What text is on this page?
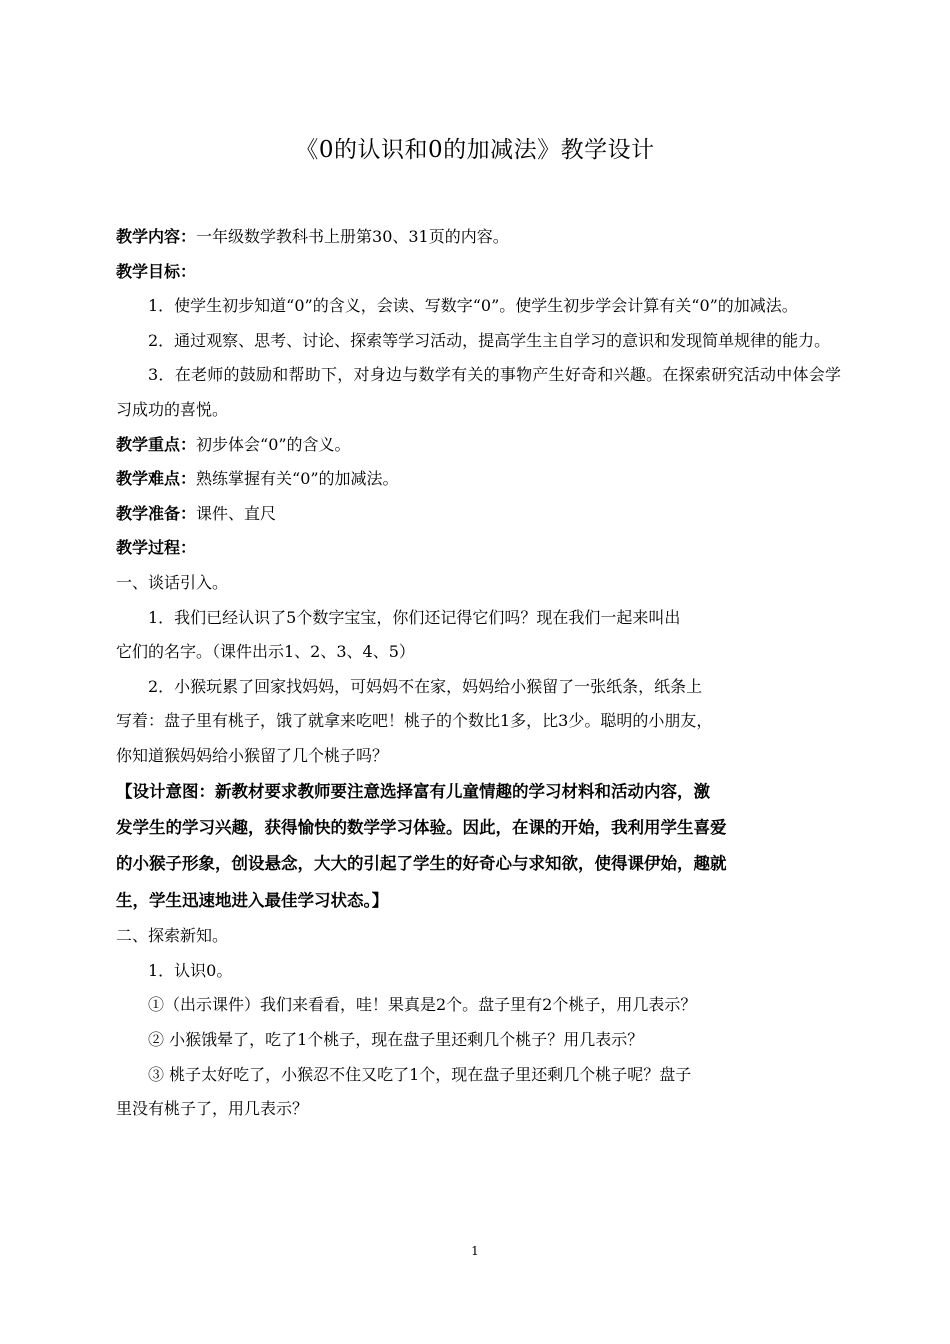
《0的认识和0的加减法》教学设计

教学内容：一年级数学教科书上册第30、31页的内容。

教学目标：

1．使学生初步知道“0”的含义，会读、写数字“0”。使学生初步学会计算有关“0”的加减法。

2．通过观察、思考、讨论、探索等学习活动，提高学生主自学习的意识和发现简单规律的能力。

3．在老师的鼓励和帮助下，对身边与数学有关的事物产生好奇和兴趣。在探索研究活动中体会学习成功的喜悦。

教学重点：初步体会“0”的含义。

教学难点：熟练掌握有关“0”的加减法。

教学准备：课件、直尺

教学过程：

一、谈话引入。

1．我们已经认识了5个数字宝宝，你们还记得它们吗？现在我们一起来叫出

它们的名字。（课件出示1、2、3、4、5）

2．小猴玩累了回家找妈妈，可妈妈不在家，妈妈给小猴留了一张纸条，纸条上

写着：盘子里有桃子，饿了就拿来吃吧！桃子的个数比1多，比3少。聪明的小朋友，

你知道猴妈妈给小猴留了几个桃子吗？

【设计意图：新教材要求教师要注意选择富有儿童情趣的学习材料和活动内容，激

发学生的学习兴趣，获得愉快的数学学习体验。因此，在课的开始，我利用学生喜爱

的小猴子形象，创设悬念，大大的引起了学生的好奇心与求知欲，使得课伊始，趣就

生，学生迅速地进入最佳学习状态。】

二、探索新知。

1．认识0。

①（出示课件）我们来看看，哇！果真是2个。盘子里有2个桃子，用几表示？

② 小猴饿晕了，吃了1个桃子，现在盘子里还剩几个桃子？用几表示？

③ 桃子太好吃了，小猴忍不住又吃了1个，现在盘子里还剩几个桃子呢？盘子

里没有桃子了，用几表示？

1
